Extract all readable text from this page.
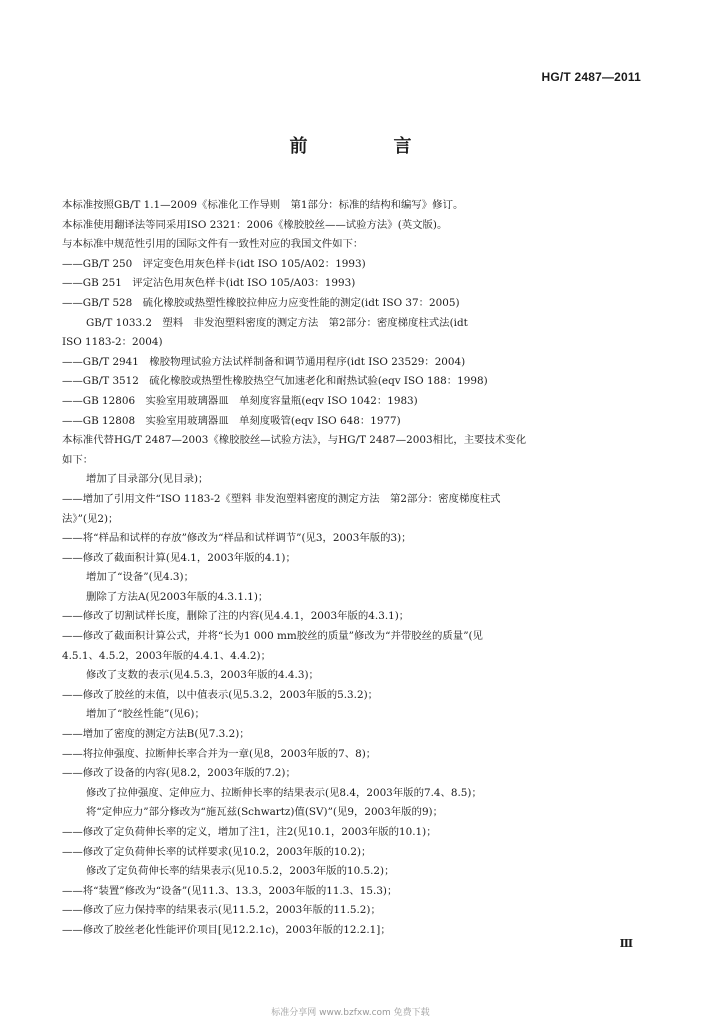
HG/T 2487—2011
前　言
本标准按照GB/T 1.1—2009《标准化工作导则　第1部分：标准的结构和编写》修订。
本标准使用翻译法等同采用ISO 2321：2006《橡胶胶丝——试验方法》(英文版)。
与本标准中规范性引用的国际文件有一致性对应的我国文件如下：
——GB/T 250　评定变色用灰色样卡(idt ISO 105/A02：1993)
——GB 251　评定沾色用灰色样卡(idt ISO 105/A03：1993)
——GB/T 528　硫化橡胶或热塑性橡胶拉伸应力应变性能的测定(idt ISO 37：2005)
GB/T 1033.2　塑料　非发泡塑料密度的测定方法　第2部分：密度梯度柱式法(idt
ISO 1183-2：2004)
——GB/T 2941　橡胶物理试验方法试样制备和调节通用程序(idt ISO 23529：2004)
——GB/T 3512　硫化橡胶或热塑性橡胶热空气加速老化和耐热试验(eqv ISO 188：1998)
——GB 12806　实验室用玻璃器皿　单刻度容量瓶(eqv ISO 1042：1983)
——GB 12808　实验室用玻璃器皿　单刻度吸管(eqv ISO 648：1977)
本标准代替HG/T 2487—2003《橡胶胶丝—试验方法》，与HG/T 2487—2003相比，主要技术变化
如下：
增加了目录部分(见目录)；
——增加了引用文件“ISO 1183-2《塑料 非发泡塑料密度的测定方法　第2部分：密度梯度柱式
法》”(见2)；
——将“样品和试样的存放”修改为“样品和试样调节”(见3，2003年版的3)；
——修改了截面积计算(见4.1，2003年版的4.1)；
增加了“设备”(见4.3)；
删除了方法A(见2003年版的4.3.1.1)；
——修改了切割试样长度，删除了注的内容(见4.4.1，2003年版的4.3.1)；
——修改了截面积计算公式，并将“长为1 000 mm胶丝的质量”修改为“并带胶丝的质量”(见
4.5.1、4.5.2，2003年版的4.4.1、4.4.2)；
修改了支数的表示(见4.5.3，2003年版的4.4.3)；
——修改了胶丝的末值，以中值表示(见5.3.2，2003年版的5.3.2)；
增加了“胶丝性能”(见6)；
——增加了密度的测定方法B(见7.3.2)；
——将拉伸强度、拉断伸长率合并为一章(见8，2003年版的7、8)；
——修改了设备的内容(见8.2，2003年版的7.2)；
修改了拉伸强度、定伸应力、拉断伸长率的结果表示(见8.4，2003年版的7.4、8.5)；
将“定伸应力”部分修改为“施瓦兹(Schwartz)值(SV)”(见9，2003年版的9)；
——修改了定负荷伸长率的定义，增加了注1，注2(见10.1，2003年版的10.1)；
——修改了定负荷伸长率的试样要求(见10.2，2003年版的10.2)；
修改了定负荷伸长率的结果表示(见10.5.2，2003年版的10.5.2)；
——将“装置”修改为“设备”(见11.3、13.3，2003年版的11.3、15.3)；
——修改了应力保持率的结果表示(见11.5.2，2003年版的11.5.2)；
——修改了胶丝老化性能评价项目[见12.2.1c)，2003年版的12.2.1]；
Ⅲ
标准分享网 www.bzfxw.com 免费下载
